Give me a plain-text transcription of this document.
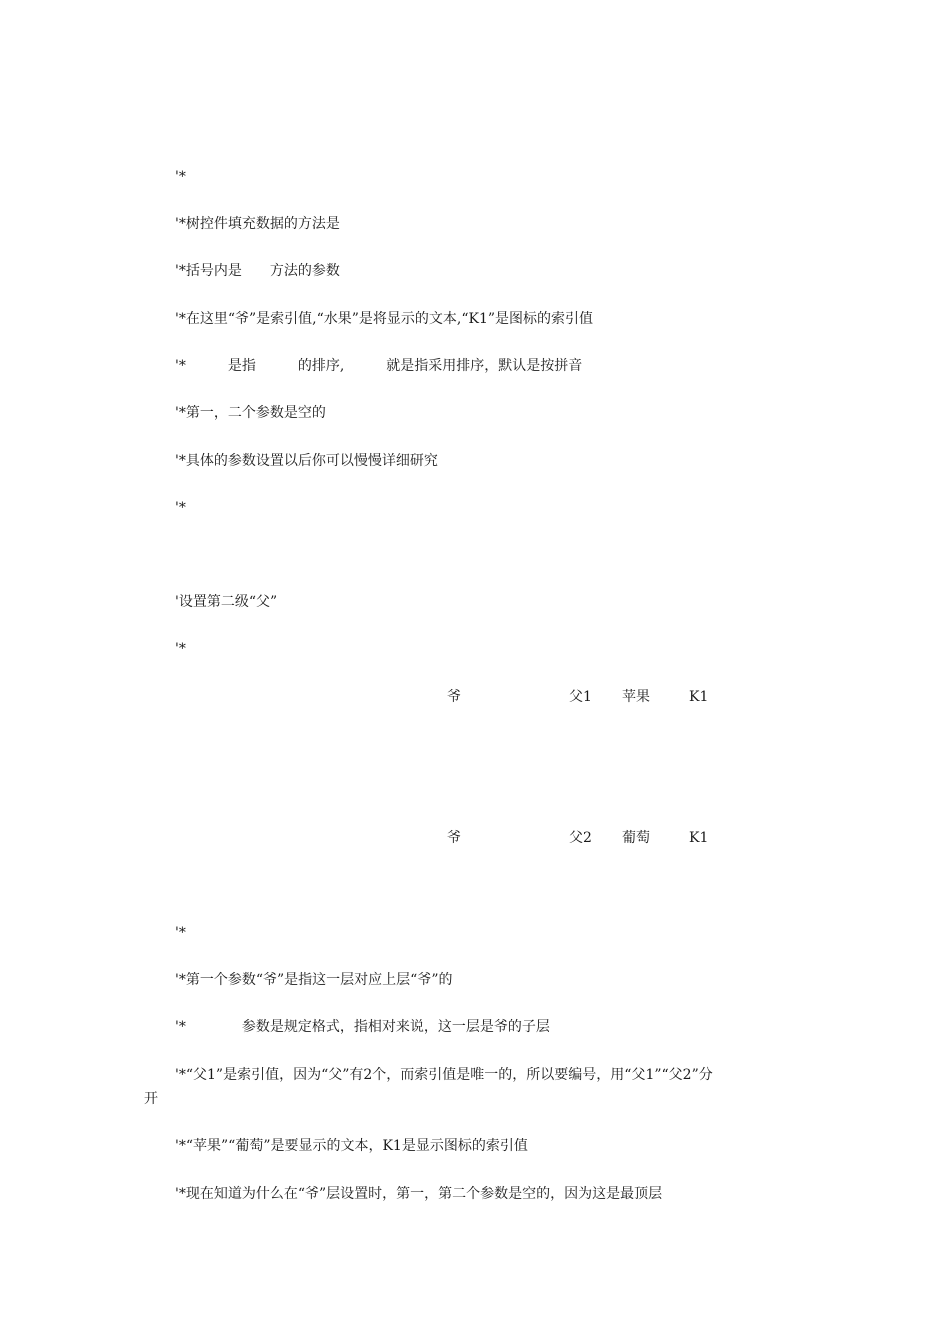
'*
'*树控件填充数据的方法是
'*括号内是　　方法的参数
'*在这里“爷”是索引值,“水果”是将显示的文本,“K1”是图标的索引值
'*　　　是指　　　的排序,　　　就是指采用排序，默认是按拼音
'*第一，二个参数是空的
'*具体的参数设置以后你可以慢慢详细研究
'*
'设置第二级“父”
'*
爷	父1 苹果	K1
爷	父2 葡萄	K1
'*
'*第一个参数“爷”是指这一层对应上层“爷”的
'*　　　　参数是规定格式，指相对来说，这一层是爷的子层
'*“父1”是索引值，因为“父”有2个，而索引值是唯一的，所以要编号，用“父1”“父2”分
开
'*“苹果”“葡萄”是要显示的文本，K1是显示图标的索引值
'*现在知道为什么在“爷”层设置时，第一，第二个参数是空的，因为这是最顶层
